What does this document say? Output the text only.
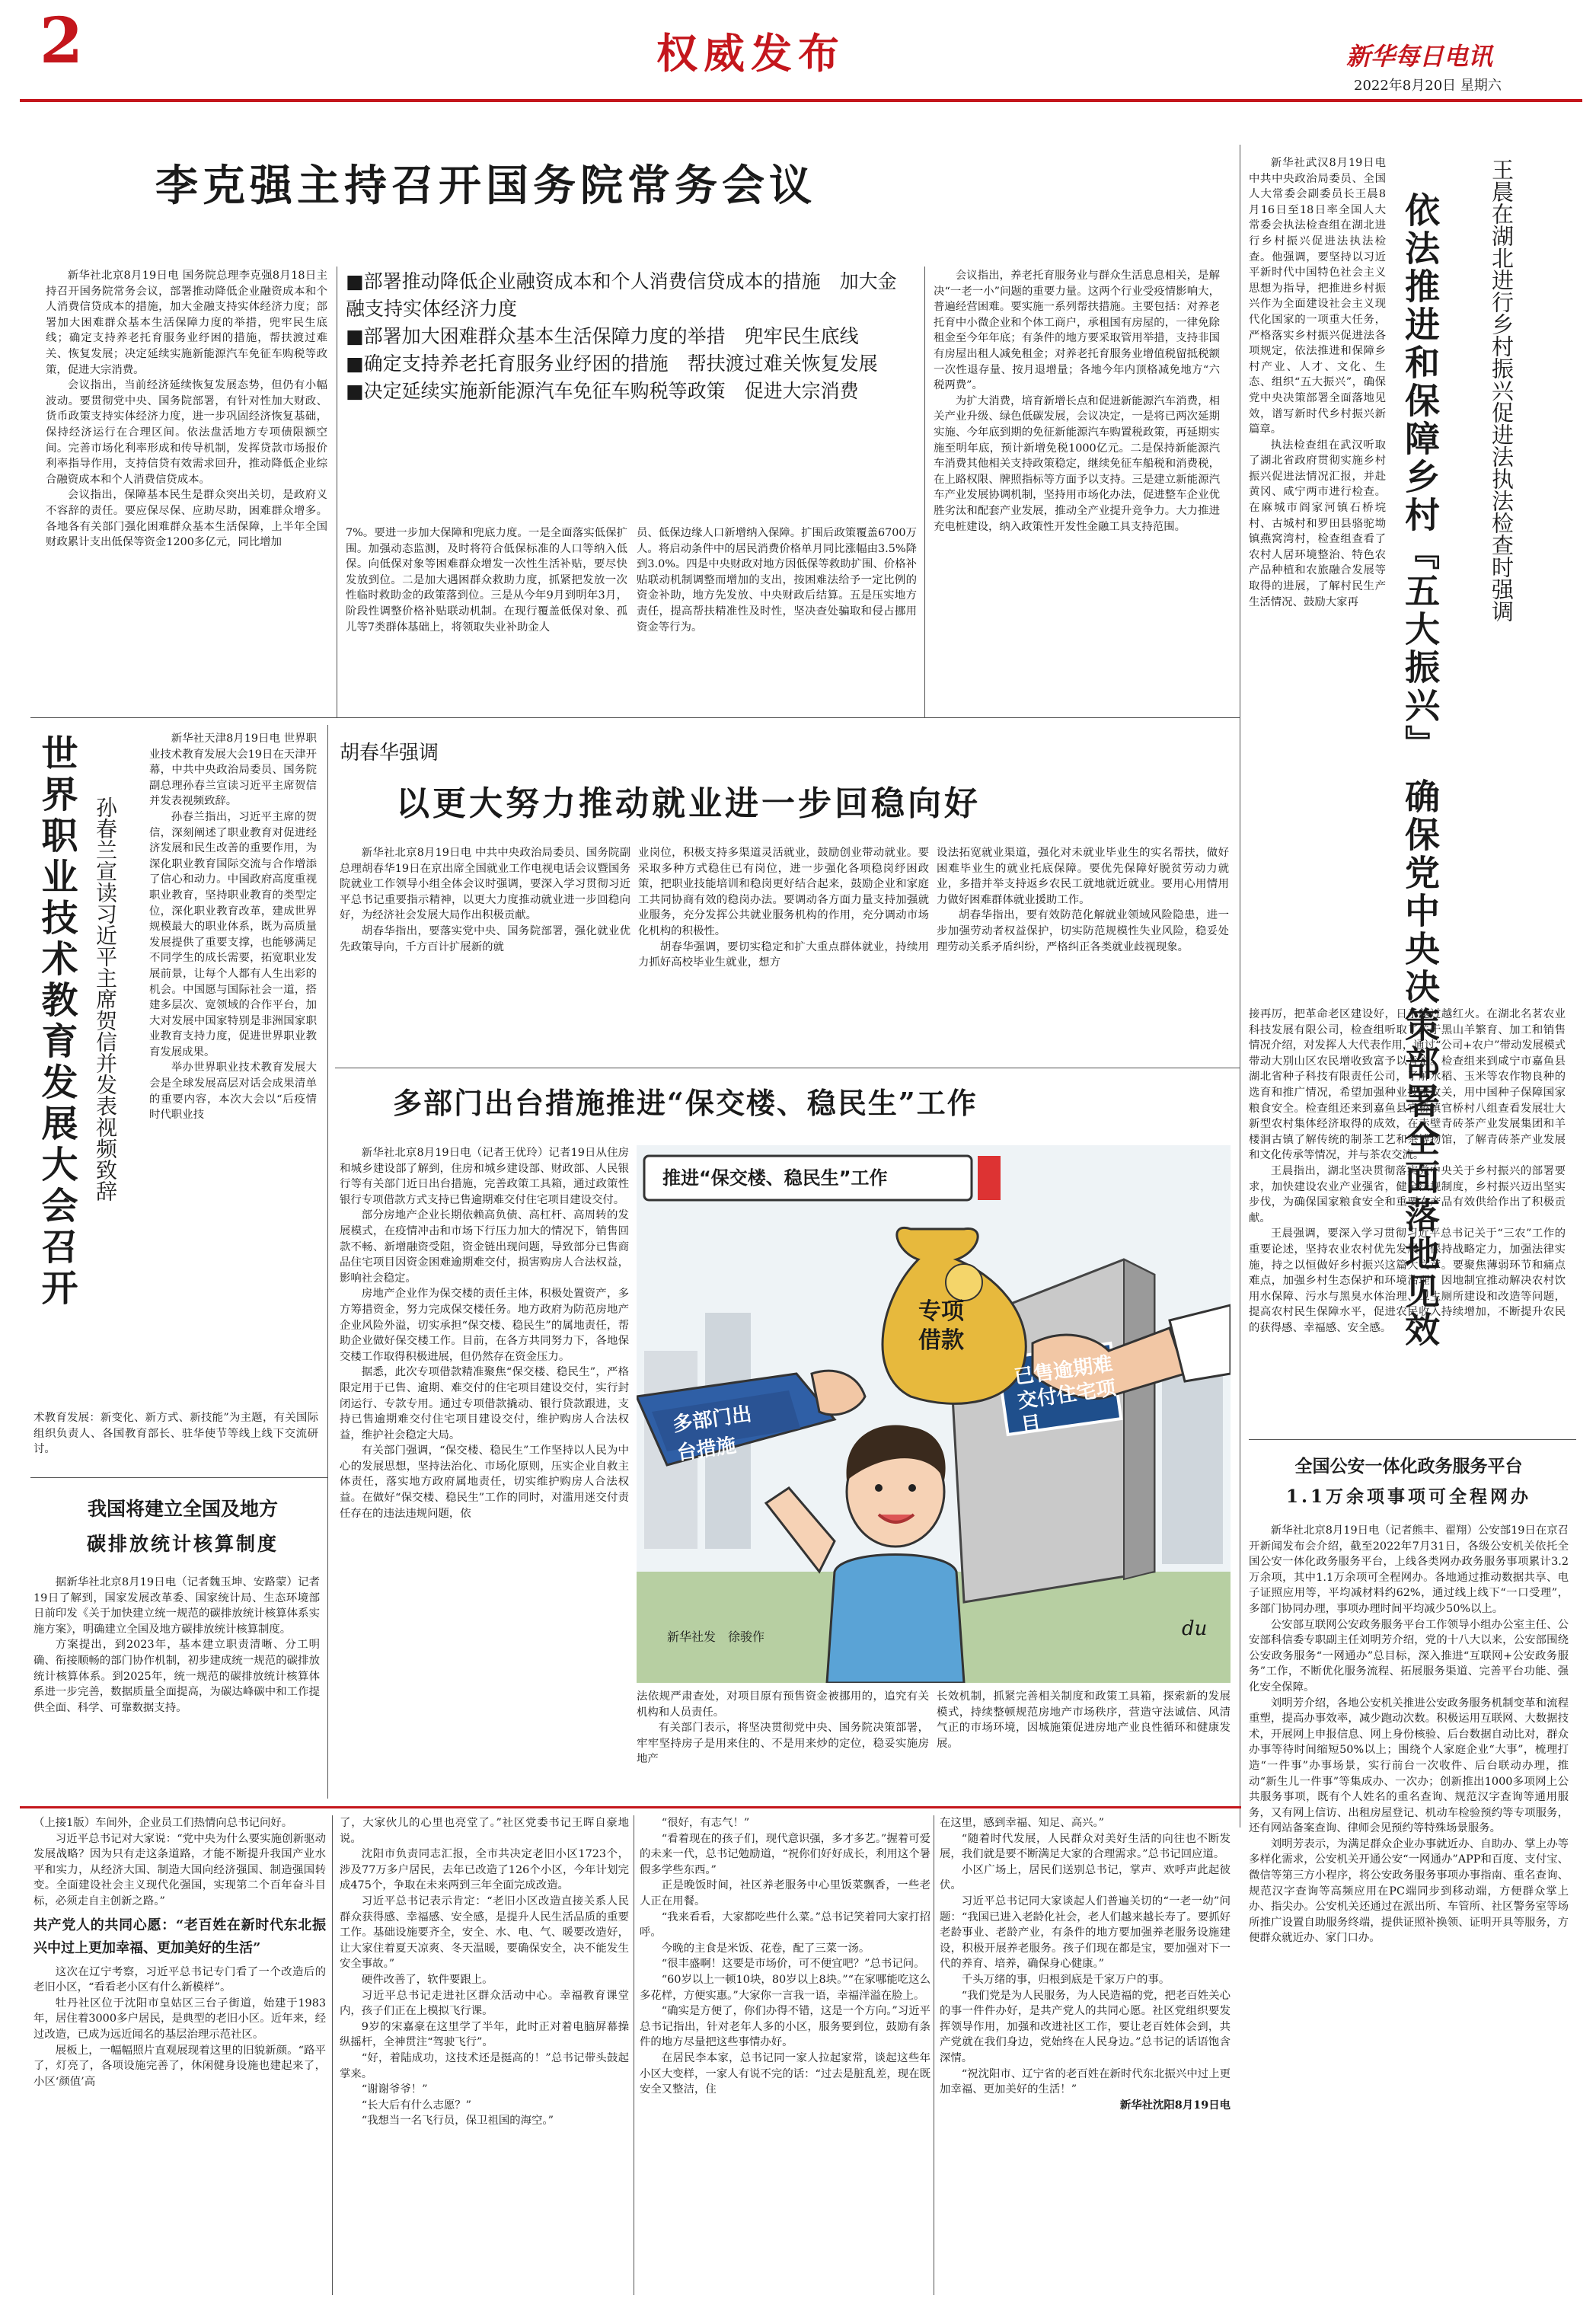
2	权威发布	新华每日电讯
2022年8月20日 星期六
李克强主持召开国务院常务会议

新华社北京8月19日电 国务院总理李克强8月18日主持召开国务院常务会议，部署推动降低企业融资成本和个人消费信贷成本的措施，加大金融支持实体经济力度；部署加大困难群众基本生活保障力度的举措，兜牢民生底线；确定支持养老托育服务业纾困的措施，帮扶渡过难关、恢复发展；决定延续实施新能源汽车免征车购税等政策，促进大宗消费。

会议指出，当前经济延续恢复发展态势，但仍有小幅波动。要贯彻党中央、国务院部署，有针对性加大财政、货币政策支持实体经济力度，进一步巩固经济恢复基础，保持经济运行在合理区间。依法盘活地方专项债限额空间。完善市场化利率形成和传导机制，发挥贷款市场报价利率指导作用，支持信贷有效需求回升，推动降低企业综合融资成本和个人消费信贷成本。

会议指出，保障基本民生是群众突出关切，是政府义不容辞的责任。要应保尽保、应助尽助，困难群众增多。各地各有关部门强化困难群众基本生活保障，上半年全国财政累计支出低保等资金1200多亿元，同比增加

■部署推动降低企业融资成本和个人消费信贷成本的措施　加大金融支持实体经济力度
■部署加大困难群众基本生活保障力度的举措　兜牢民生底线
■确定支持养老托育服务业纾困的措施　帮扶渡过难关恢复发展
■决定延续实施新能源汽车免征车购税等政策　促进大宗消费

7%。要进一步加大保障和兜底力度。一是全面落实低保扩围。加强动态监测，及时将符合低保标准的人口等纳入低保。向低保对象等困难群众增发一次性生活补贴，要尽快发放到位。二是加大遇困群众救助力度，抓紧把发放一次性临时救助金的政策落到位。三是从今年9月到明年3月，阶段性调整价格补贴联动机制。在现行覆盖低保对象、孤儿等7类群体基础上，将领取失业补助金人

员、低保边缘人口新增纳入保障。扩围后政策覆盖6700万人。将启动条件中的居民消费价格单月同比涨幅由3.5%降到3.0%。四是中央财政对地方因低保等救助扩围、价格补贴联动机制调整而增加的支出，按困难法给予一定比例的资金补助，地方先发放、中央财政后结算。五是压实地方责任，提高帮扶精准性及时性，坚决查处骗取和侵占挪用资金等行为。

会议指出，养老托育服务业与群众生活息息相关，是解决“一老一小”问题的重要力量。这两个行业受疫情影响大，普遍经营困难。要实施一系列帮扶措施。主要包括：对养老托育中小微企业和个体工商户，承租国有房屋的，一律免除租金至今年年底；有条件的地方要采取管用举措，支持非国有房屋出租人减免租金；对养老托育服务业增值税留抵税额一次性退存量、按月退增量；各地今年内顶格减免地方“六税两费”。

为扩大消费，培育新增长点和促进新能源汽车消费，相关产业升级、绿色低碳发展，会议决定，一是将已两次延期实施、今年底到期的免征新能源汽车购置税政策，再延期实施至明年底，预计新增免税1000亿元。二是保持新能源汽车消费其他相关支持政策稳定，继续免征车船税和消费税，在上路权限、牌照指标等方面予以支持。三是建立新能源汽车产业发展协调机制，坚持用市场化办法，促进整车企业优胜劣汰和配套产业发展，推动全产业提升竞争力。大力推进充电桩建设，纳入政策性开发性金融工具支持范围。	依法推进和保障乡村『五大振兴』 确保党中央决策部署全面落地见效 王晨在湖北进行乡村振兴促进法执法检查时强调

新华社武汉8月19日电 中共中央政治局委员、全国人大常委会副委员长王晨8月16日至18日率全国人大常委会执法检查组在湖北进行乡村振兴促进法执法检查。他强调，要坚持以习近平新时代中国特色社会主义思想为指导，把推进乡村振兴作为全面建设社会主义现代化国家的一项重大任务，严格落实乡村振兴促进法各项规定，依法推进和保障乡村产业、人才、文化、生态、组织“五大振兴”，确保党中央决策部署全面落地见效，谱写新时代乡村振兴新篇章。

执法检查组在武汉听取了湖北省政府贯彻实施乡村振兴促进法情况汇报，并赴黄冈、咸宁两市进行检查。在麻城市阎家河镇石桥垸村、古城村和罗田县骆驼坳镇燕窝湾村，检查组查看了农村人居环境整治、特色农产品种植和农旅融合发展等取得的进展，了解村民生产生活情况、鼓励大家再

接再厉，把革命老区建设好，日子越过越红火。在湖北名茗农业科技发展有限公司，检查组听取了关于黑山羊繁育、加工和销售情况介绍，对发挥人大代表作用，通过“公司+农户”带动发展模式带动大别山区农民增收致富予以肯定。检查组来到咸宁市嘉鱼县湖北省种子科技有限责任公司，了解水稻、玉米等农作物良种的选育和推广情况，希望加强种业技术攻关，用中国种子保障国家粮食安全。检查组还来到嘉鱼县官桥镇官桥村八组查看发展壮大新型农村集体经济取得的成效，在赤壁青砖茶产业发展集团和羊楼洞古镇了解传统的制茶工艺和茶博物馆，了解青砖茶产业发展和文化传承等情况，并与茶农交流。

王晨指出，湖北坚决贯彻落实党中央关于乡村振兴的部署要求，加快建设农业产业强省，健全法规制度，乡村振兴迈出坚实步伐，为确保国家粮食安全和重要农产品有效供给作出了积极贡献。

王晨强调，要深入学习贯彻习近平总书记关于“三农”工作的重要论述，坚持农业农村优先发展，保持战略定力，加强法律实施，持之以恒做好乡村振兴这篇大文章。要聚焦薄弱环节和痛点难点，加强乡村生态保护和环境治理，因地制宜推动解决农村饮用水保障、污水与黑臭水体治理、卫生厕所建设和改造等问题，提高农村民生保障水平，促进农民收入持续增加，不断提升农民的获得感、幸福感、安全感。

世界职业技术教育发展大会召开 孙春兰宣读习近平主席贺信并发表视频致辞

新华社天津8月19日电 世界职业技术教育发展大会19日在天津开幕，中共中央政治局委员、国务院副总理孙春兰宣读习近平主席贺信并发表视频致辞。

孙春兰指出，习近平主席的贺信，深刻阐述了职业教育对促进经济发展和民生改善的重要作用，为深化职业教育国际交流与合作增添了信心和动力。中国政府高度重视职业教育，坚持职业教育的类型定位，深化职业教育改革，建成世界规模最大的职业体系，既为高质量发展提供了重要支撑，也能够满足不同学生的成长需要，拓宽职业发展前景，让每个人都有人生出彩的机会。中国愿与国际社会一道，搭建多层次、宽领域的合作平台，加大对发展中国家特别是非洲国家职业教育支持力度，促进世界职业教育发展成果。

举办世界职业技术教育发展大会是全球发展高层对话会成果清单的重要内容，本次大会以“后疫情时代职业技

术教育发展：新变化、新方式、新技能”为主题，有关国际组织负责人、各国教育部长、驻华使节等线上线下交流研讨。

胡春华强调
以更大努力推动就业进一步回稳向好

新华社北京8月19日电 中共中央政治局委员、国务院副总理胡春华19日在京出席全国就业工作电视电话会议暨国务院就业工作领导小组全体会议时强调，要深入学习贯彻习近平总书记重要指示精神，以更大力度推动就业进一步回稳向好，为经济社会发展大局作出积极贡献。

胡春华指出，要落实党中央、国务院部署，强化就业优先政策导向，千方百计扩展新的就

业岗位，积极支持多渠道灵活就业，鼓励创业带动就业。要采取多种方式稳住已有岗位，进一步强化各项稳岗纾困政策，把职业技能培训和稳岗更好结合起来，鼓励企业和家庭工共同协商有效的稳岗办法。要调动各方面力量支持加强就业服务，充分发挥公共就业服务机构的作用，充分调动市场化机构的积极性。

胡春华强调，要切实稳定和扩大重点群体就业，持续用力抓好高校毕业生就业，想方

设法拓宽就业渠道，强化对未就业毕业生的实名帮扶，做好困难毕业生的就业托底保障。要优先保障好脱贫劳动力就业，多措并举支持返乡农民工就地就近就业。要用心用情用力做好困难群体就业援助工作。

胡春华指出，要有效防范化解就业领域风险隐患，进一步加强劳动者权益保护，切实防范规模性失业风险，稳妥处理劳动关系矛盾纠纷，严格纠正各类就业歧视现象。

多部门出台措施推进“保交楼、稳民生”工作

新华社北京8月19日电（记者王优玲）记者19日从住房和城乡建设部了解到，住房和城乡建设部、财政部、人民银行等有关部门近日出台措施，完善政策工具箱，通过政策性银行专项借款方式支持已售逾期难交付住宅项目建设交付。

部分房地产企业长期依赖高负债、高杠杆、高周转的发展模式，在疫情冲击和市场下行压力加大的情况下，销售回款不畅、新增融资受阻，资金链出现问题，导致部分已售商品住宅项目因资金困难逾期难交付，损害购房人合法权益，影响社会稳定。

房地产企业作为保交楼的责任主体，积极处置资产，多方筹措资金，努力完成保交楼任务。地方政府为防范房地产企业风险外溢，切实承担“保交楼、稳民生”的属地责任，帮助企业做好保交楼工作。目前，在各方共同努力下，各地保交楼工作取得积极进展，但仍然存在资金压力。

据悉，此次专项借款精准聚焦“保交楼、稳民生”，严格限定用于已售、逾期、难交付的住宅项目建设交付，实行封闭运行、专款专用。通过专项借款撬动、银行贷款跟进，支持已售逾期难交付住宅项目建设交付，维护购房人合法权益，维护社会稳定大局。

有关部门强调，“保交楼、稳民生”工作坚持以人民为中心的发展思想，坚持法治化、市场化原则，压实企业自救主体责任，落实地方政府属地责任，切实维护购房人合法权益。在做好“保交楼、稳民生”工作的同时，对滥用迷交付责任存在的违法违规问题，依

推进“保交楼、稳民生”工作
多部门出台措施
专项借款
已售逾期难交付住宅项目
新华社发　徐骏作	du

法依规严肃查处，对项目原有预售资金被挪用的，追究有关机构和人员责任。

有关部门表示，将坚决贯彻党中央、国务院决策部署，牢牢坚持房子是用来住的、不是用来炒的定位，稳妥实施房地产

长效机制，抓紧完善相关制度和政策工具箱，探索新的发展模式，持续整顿规范房地产市场秩序，营造守法诚信、风清气正的市场环境，因城施策促进房地产业良性循环和健康发展。

我国将建立全国及地方
碳排放统计核算制度

据新华社北京8月19日电（记者魏玉坤、安路蒙）记者19日了解到，国家发展改革委、国家统计局、生态环境部日前印发《关于加快建立统一规范的碳排放统计核算体系实施方案》，明确建立全国及地方碳排放统计核算制度。

方案提出，到2023年，基本建立职责清晰、分工明确、衔接顺畅的部门协作机制，初步建成统一规范的碳排放统计核算体系。到2025年，统一规范的碳排放统计核算体系进一步完善，数据质量全面提高，为碳达峰碳中和工作提供全面、科学、可靠数据支持。

全国公安一体化政务服务平台
1.1万余项事项可全程网办

新华社北京8月19日电（记者熊丰、翟翔）公安部19日在京召开新闻发布会介绍，截至2022年7月31日，各级公安机关依托全国公安一体化政务服务平台，上线各类网办政务服务事项累计3.2万余项，其中1.1万余项可全程网办。各地通过推动数据共享、电子证照应用等，平均减材料约62%，通过线上线下“一口受理”，多部门协同办理，事项办理时间平均减少50%以上。

公安部互联网公安政务服务平台工作领导小组办公室主任、公安部科信委专职副主任刘明芳介绍，党的十八大以来，公安部围绕公安政务服务“一网通办”总目标，深入推进“互联网+公安政务服务”工作，不断优化服务流程、拓展服务渠道、完善平台功能、强化安全保障。

刘明芳介绍，各地公安机关推进公安政务服务机制变革和流程重塑，提高办事效率，减少跑动次数。积极运用互联网、大数据技术，开展网上申报信息、网上身份核验、后台数据自动比对，群众办事等待时间缩短50%以上；围绕个人家庭企业“大事”，梳理打造“一件事”办事场景，实行前台一次收件、后台联动办理，推动“新生儿一件事”等集成办、一次办；创新推出1000多项网上公共服务事项，既有个人姓名的重名查询、规范汉字查询等通用服务，又有网上信访、出租房屋登记、机动车检验预约等专项服务，还有网站备案查询、律师会见预约等特殊场景服务。

刘明芳表示，为满足群众企业办事就近办、自助办、掌上办等多样化需求，公安机关开通公安“一网通办”APP和百度、支付宝、微信等第三方小程序，将公安政务服务事项办事指南、重名查询、规范汉字查询等高频应用在PC端同步到移动端，方便群众掌上办、指尖办。公安机关还通过在派出所、车管所、社区警务室等场所推广设置自助服务终端，提供证照补换领、证明开具等服务，方便群众就近办、家门口办。

（上接1版）车间外，企业员工们热情向总书记问好。

习近平总书记对大家说：“党中央为什么要实施创新驱动发展战略？因为只有走这条道路，才能不断提升我国产业水平和实力，从经济大国、制造大国向经济强国、制造强国转变。全面建设社会主义现代化强国，实现第二个百年奋斗目标，必须走自主创新之路。”

共产党人的共同心愿：“老百姓在新时代东北振兴中过上更加幸福、更加美好的生活”

这次在辽宁考察，习近平总书记专门看了一个改造后的老旧小区，“看看老小区有什么新模样”。

牡丹社区位于沈阳市皇姑区三台子街道，始建于1983年，居住着3000多户居民，是典型的老旧小区。近年来，经过改造，已成为远近闻名的基层治理示范社区。

展板上，一幅幅照片直观展现着这里的旧貌新颜。“路平了，灯亮了，各项设施完善了，休闲健身设施也建起来了，小区‘颜值’高

了，大家伙儿的心里也亮堂了。”社区党委书记王晖自豪地说。

沈阳市负责同志汇报，全市共决定老旧小区1723个，涉及77万多户居民，去年已改造了126个小区，今年计划完成475个，争取在未来两到三年全面完成改造。

习近平总书记表示肯定：“老旧小区改造直接关系人民群众获得感、幸福感、安全感，是提升人民生活品质的重要工作。基础设施要齐全，安全、水、电、气、暖要改造好，让大家住着夏天凉爽、冬天温暖，要确保安全，决不能发生安全事故。”

硬件改善了，软件要跟上。

习近平总书记走进社区群众活动中心。幸福教育课堂内，孩子们正在上模拟飞行课。

9岁的宋嘉豪在这里学了半年，此时正对着电脑屏幕操纵摇杆，全神贯注“驾驶飞行”。

“好，着陆成功，这技术还是挺高的！”总书记带头鼓起掌来。

“谢谢爷爷！”

“长大后有什么志愿？”

“我想当一名飞行员，保卫祖国的海空。”

“很好，有志气！”

“看着现在的孩子们，现代意识强，多才多艺。”握着可爱的未来一代，总书记勉励道，“祝你们好好成长，利用这个暑假多学些东西。”

正是晚饭时间，社区养老服务中心里饭菜飘香，一些老人正在用餐。

“我来看看，大家都吃些什么菜。”总书记笑着同大家打招呼。

今晚的主食是米饭、花卷，配了三菜一汤。

“很丰盛啊！这要是市场价，可不便宜吧？”总书记问。

“60岁以上一顿10块，80岁以上8块。”“在家哪能吃这么多花样，方便实惠。”大家你一言我一语，幸福洋溢在脸上。

“确实是方便了，你们办得不错，这是一个方向。”习近平总书记指出，针对老年人多的小区，服务要到位，鼓励有条件的地方尽量把这些事情办好。

在居民李本家，总书记同一家人拉起家常，谈起这些年小区大变样，一家人有说不完的话：“过去是脏乱差，现在既安全又整洁，住

在这里，感到幸福、知足、高兴。”

“随着时代发展，人民群众对美好生活的向往也不断发展，我们就是要不断满足大家的合理需求。”总书记回应道。

小区广场上，居民们送别总书记，掌声、欢呼声此起彼伏。

习近平总书记同大家谈起人们普遍关切的“一老一幼”问题：“我国已进入老龄化社会，老人们越来越长寿了。要抓好老龄事业、老龄产业，有条件的地方要加强养老服务设施建设，积极开展养老服务。孩子们现在都是宝，要加强对下一代的养育、培养，确保身心健康。”

千头万绪的事，归根到底是千家万户的事。

“我们党是为人民服务，为人民造福的党，把老百姓关心的事一件件办好，是共产党人的共同心愿。社区党组织要发挥领导作用，加强和改进社区工作，要让老百姓体会到，共产党就在我们身边，党始终在人民身边。”总书记的话语饱含深情。

“祝沈阳市、辽宁省的老百姓在新时代东北振兴中过上更加幸福、更加美好的生活！”

新华社沈阳8月19日电
